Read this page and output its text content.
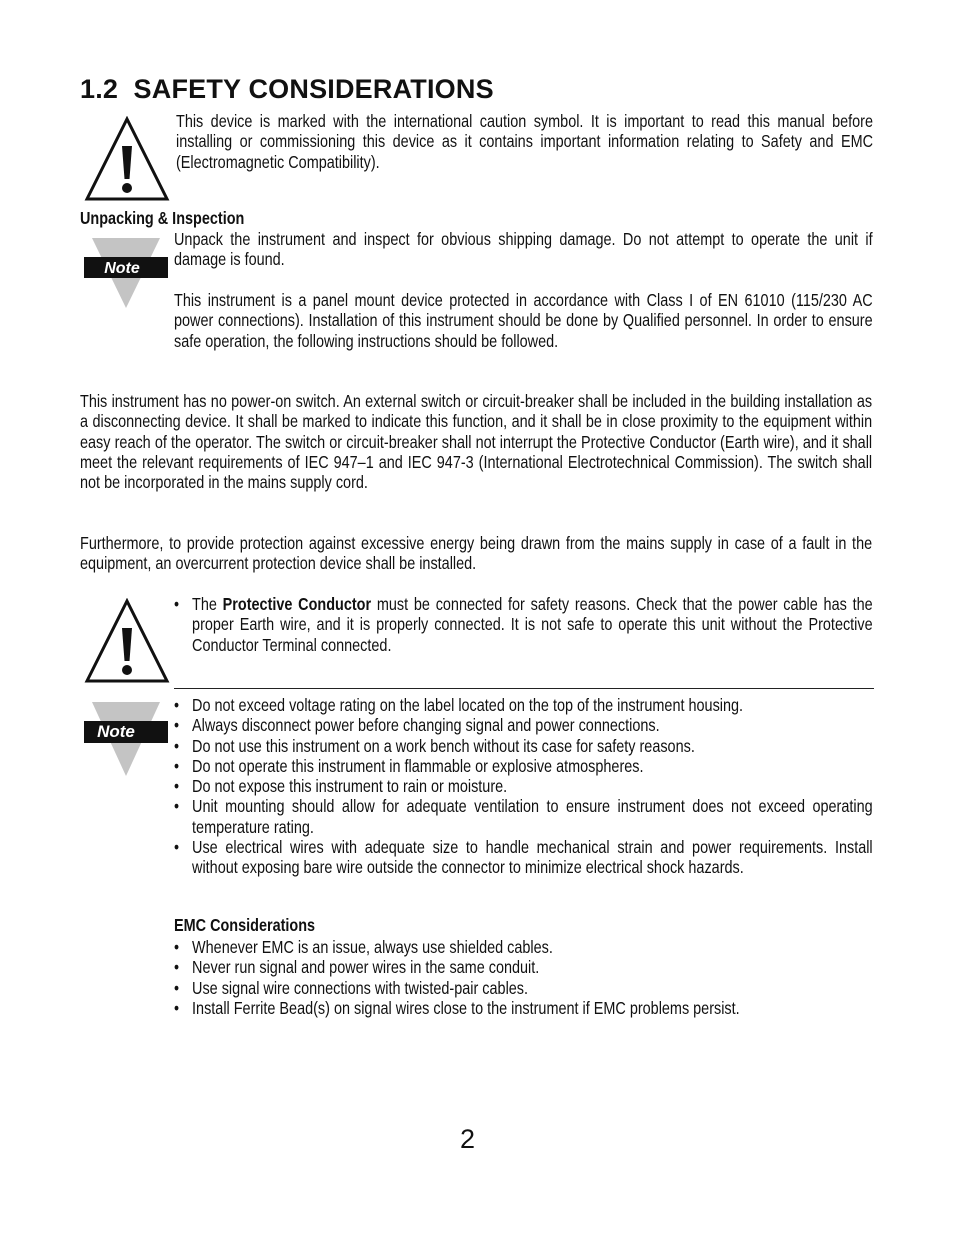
1.2 SAFETY CONSIDERATIONS
This device is marked with the international caution symbol. It is important to read this manual before installing or commissioning this device as it contains important information relating to Safety and EMC (Electromagnetic Compatibility).
Unpacking & Inspection
Note
Unpack the instrument and inspect for obvious shipping damage. Do not attempt to operate the unit if damage is found.
This instrument is a panel mount device protected in accordance with Class I of EN 61010 (115/230 AC power connections). Installation of this instrument should be done by Qualified personnel. In order to ensure safe operation, the following instructions should be followed.
This instrument has no power-on switch. An external switch or circuit-breaker shall be included in the building installation as a disconnecting device. It shall be marked to indicate this function, and it shall be in close proximity to the equipment within easy reach of the operator. The switch or circuit-breaker shall not interrupt the Protective Conductor (Earth wire), and it shall meet the relevant requirements of IEC 947–1 and IEC 947-3 (International Electrotechnical Commission). The switch shall not be incorporated in the mains supply cord.
Furthermore, to provide protection against excessive energy being drawn from the mains supply in case of a fault in the equipment, an overcurrent protection device shall be installed.
• The Protective Conductor must be connected for safety reasons. Check that the power cable has the proper Earth wire, and it is properly connected. It is not safe to operate this unit without the Protective Conductor Terminal connected.
Note
• Do not exceed voltage rating on the label located on the top of the instrument housing.
• Always disconnect power before changing signal and power connections.
• Do not use this instrument on a work bench without its case for safety reasons.
• Do not operate this instrument in flammable or explosive atmospheres.
• Do not expose this instrument to rain or moisture.
• Unit mounting should allow for adequate ventilation to ensure instrument does not exceed operating temperature rating.
• Use electrical wires with adequate size to handle mechanical strain and power requirements. Install without exposing bare wire outside the connector to minimize electrical shock hazards.
EMC Considerations
• Whenever EMC is an issue, always use shielded cables.
• Never run signal and power wires in the same conduit.
• Use signal wire connections with twisted-pair cables.
• Install Ferrite Bead(s) on signal wires close to the instrument if EMC problems persist.
2
